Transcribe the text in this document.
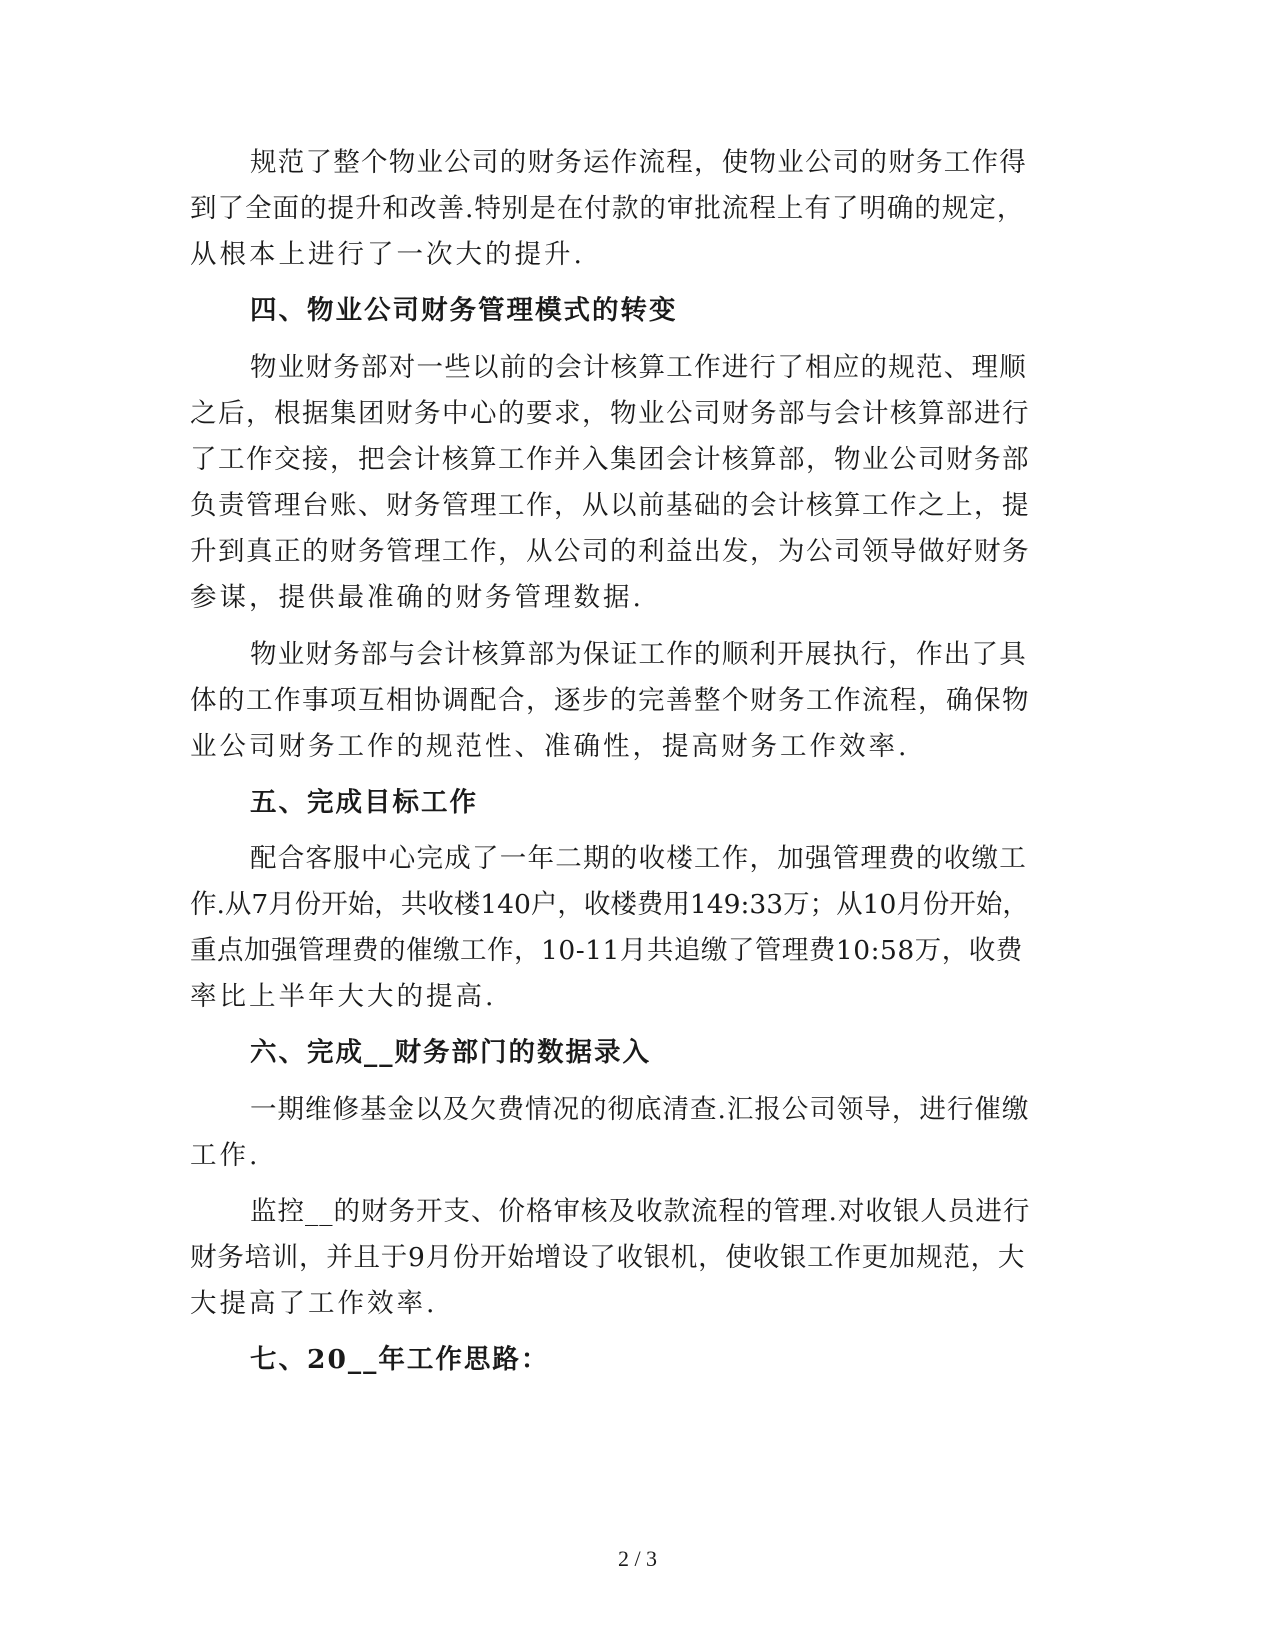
规范了整个物业公司的财务运作流程，使物业公司的财务工作得
到了全面的提升和改善.特别是在付款的审批流程上有了明确的规定，
从根本上进行了一次大的提升.
四、物业公司财务管理模式的转变
物业财务部对一些以前的会计核算工作进行了相应的规范、理顺
之后，根据集团财务中心的要求，物业公司财务部与会计核算部进行
了工作交接，把会计核算工作并入集团会计核算部，物业公司财务部
负责管理台账、财务管理工作，从以前基础的会计核算工作之上，提
升到真正的财务管理工作，从公司的利益出发，为公司领导做好财务
参谋，提供最准确的财务管理数据.
物业财务部与会计核算部为保证工作的顺利开展执行，作出了具
体的工作事项互相协调配合，逐步的完善整个财务工作流程，确保物
业公司财务工作的规范性、准确性，提高财务工作效率.
五、完成目标工作
配合客服中心完成了一年二期的收楼工作，加强管理费的收缴工
作.从7月份开始，共收楼140户，收楼费用149:33万；从10月份开始，
重点加强管理费的催缴工作，10-11月共追缴了管理费10:58万，收费
率比上半年大大的提高.
六、完成__财务部门的数据录入
一期维修基金以及欠费情况的彻底清查.汇报公司领导，进行催缴
工作.
监控__的财务开支、价格审核及收款流程的管理.对收银人员进行
财务培训，并且于9月份开始增设了收银机，使收银工作更加规范，大
大提高了工作效率.
七、20__年工作思路：
2 / 3
